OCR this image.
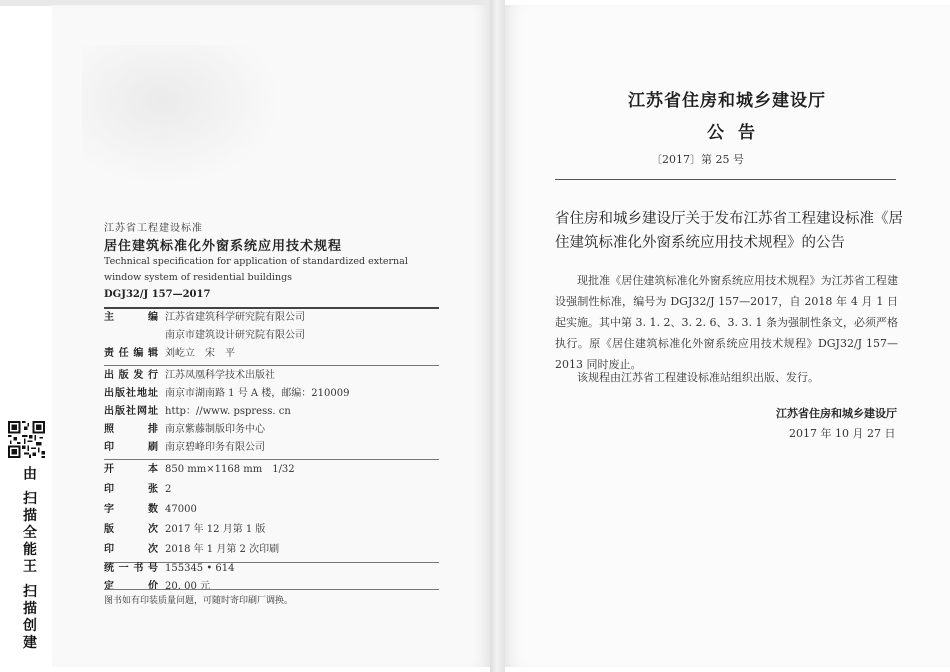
江苏省工程建设标准
居住建筑标准化外窗系统应用技术规程
Technical specification for application of standardized external window system of residential buildings
DGJ32/J 157—2017
主编 江苏省建筑科学研究院有限公司
南京市建筑设计研究院有限公司
责任编辑 刘屹立　宋　平
出版发行 江苏凤凰科学技术出版社
出版社地址 南京市湖南路 1 号 A 楼，邮编：210009
出版社网址 http：//www. pspress. cn
照排 南京紫藤制版印务中心
印刷 南京碧峰印务有限公司
开本 850 mm×1168 mm　1/32
印张 2
字数 47000
版次 2017 年 12 月第 1 版
印次 2018 年 1 月第 2 次印刷
统一书号 155345 • 614
定价 20. 00 元
图书如有印装质量问题，可随时寄印刷厂调换。
由 扫描全能王 扫描创建
江苏省住房和城乡建设厅
公告
〔2017〕第 25 号
省住房和城乡建设厅关于发布江苏省工程建设标准《居住建筑标准化外窗系统应用技术规程》的公告
现批准《居住建筑标准化外窗系统应用技术规程》为江苏省工程建设强制性标准，编号为 DGJ32/J 157—2017，自 2018 年 4 月 1 日起实施。其中第 3. 1. 2、3. 2. 6、3. 3. 1 条为强制性条文，必须严格执行。原《居住建筑标准化外窗系统应用技术规程》DGJ32/J 157—2013 同时废止。
该规程由江苏省工程建设标准站组织出版、发行。
江苏省住房和城乡建设厅
2017 年 10 月 27 日
